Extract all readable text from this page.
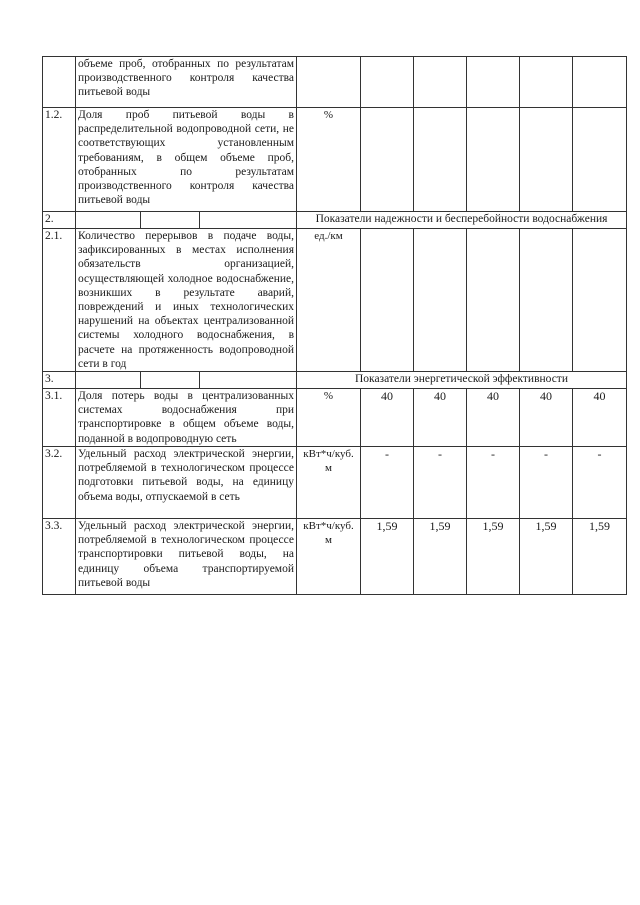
	объеме проб, отобранных по результатам производственного контроля качества питьевой воды						
1.2.	Доля проб питьевой воды в распределительной водопроводной сети, не соответствующих установленным требованиям, в общем объеме проб, отобранных по результатам производственного контроля качества питьевой воды	%					
2.		Показатели надежности и бесперебойности водоснабжения					
2.1.	Количество перерывов в подаче воды, зафиксированных в местах исполнения обязательств организацией, осуществляющей холодное водоснабжение, возникших в результате аварий, повреждений и иных технологических нарушений на объектах централизованной системы холодного водоснабжения, в расчете на протяженность водопроводной сети в год	ед./км					
3.		Показатели энергетической эффективности					
3.1.	Доля потерь воды в централизованных системах водоснабжения при транспортировке в общем объеме воды, поданной в водопроводную сеть	%	40	40	40	40	40
3.2.	Удельный расход электрической энергии, потребляемой в технологическом процессе подготовки питьевой воды, на единицу объема воды, отпускаемой в сеть	кВт*ч/куб. м	-	-	-	-	-
3.3.	Удельный расход электрической энергии, потребляемой в технологическом процессе транспортировки питьевой воды, на единицу объема транспортируемой питьевой воды	кВт*ч/куб. м	1,59	1,59	1,59	1,59	1,59
